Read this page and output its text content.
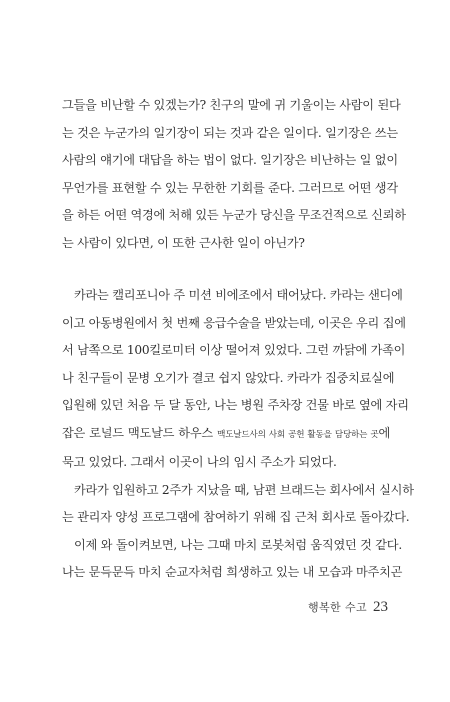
그들을 비난할 수 있겠는가? 친구의 말에 귀 기울이는 사람이 된다
는 것은 누군가의 일기장이 되는 것과 같은 일이다. 일기장은 쓰는
사람의 얘기에 대답을 하는 법이 없다. 일기장은 비난하는 일 없이
무언가를 표현할 수 있는 무한한 기회를 준다. 그러므로 어떤 생각
을 하든 어떤 역경에 처해 있든 누군가 당신을 무조건적으로 신뢰하
는 사람이 있다면, 이 또한 근사한 일이 아닌가?
카라는 캘리포니아 주 미션 비에조에서 태어났다. 카라는 샌디에
이고 아동병원에서 첫 번째 응급수술을 받았는데, 이곳은 우리 집에
서 남쪽으로 100킬로미터 이상 떨어져 있었다. 그런 까닭에 가족이
나 친구들이 문병 오기가 결코 쉽지 않았다. 카라가 집중치료실에
입원해 있던 처음 두 달 동안, 나는 병원 주차장 건물 바로 옆에 자리
잡은 로널드 맥도날드 하우스 맥도날드사의 사회 공헌 활동을 담당하는 곳에
묵고 있었다. 그래서 이곳이 나의 임시 주소가 되었다.
카라가 입원하고 2주가 지났을 때, 남편 브래드는 회사에서 실시하
는 관리자 양성 프로그램에 참여하기 위해 집 근처 회사로 돌아갔다.
이제 와 돌이켜보면, 나는 그때 마치 로봇처럼 움직였던 것 같다.
나는 문득문득 마치 순교자처럼 희생하고 있는 내 모습과 마주치곤
행복한 수고 23
